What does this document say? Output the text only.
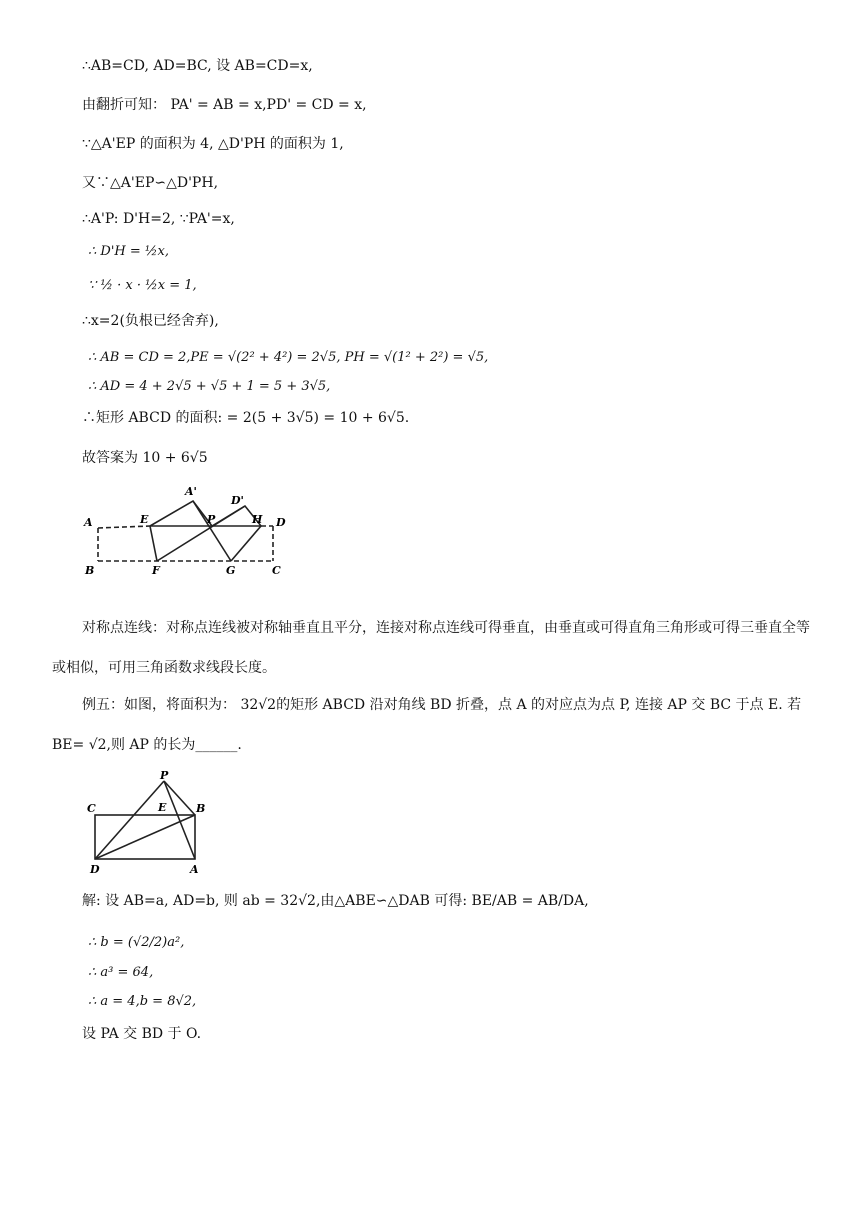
∴AB=CD, AD=BC, 设 AB=CD=x,
由翻折可知： PA' = AB = x,PD' = CD = x,
∵△A'EP 的面积为 4, △D'PH 的面积为 1,
又∵△A'EP∽△D'PH,
∴A'P: D'H=2, ∵PA'=x,
∴ D'H = ½x,
∵ ½ · x · ½x = 1,
∴x=2(负根已经舍弃),
∴ AB = CD = 2,PE = √(2² + 4²) = 2√5, PH = √(1² + 2²) = √5,
∴ AD = 4 + 2√5 + √5 + 1 = 5 + 3√5,
∴矩形 ABCD 的面积: = 2(5 + 3√5) = 10 + 6√5.
故答案为 10 + 6√5
A
B
E
F
A'
P
D'
H
G
D
C
对称点连线：对称点连线被对称轴垂直且平分，连接对称点连线可得垂直，由垂直或可得直角三角形或可得三垂直全等或相似，可用三角函数求线段长度。
例五：如图，将面积为： 32√2的矩形 ABCD 沿对角线 BD 折叠，点 A 的对应点为点 P, 连接 AP 交 BC 于点 E. 若 BE= √2,则 AP 的长为______.
P
C	E	B
D	A
解: 设 AB=a, AD=b, 则 ab = 32√2,由△ABE∽△DAB 可得: BE/AB = AB/DA,
∴ b = (√2/2)a²,
∴ a³ = 64,
∴ a = 4,b = 8√2,
设 PA 交 BD 于 O.
